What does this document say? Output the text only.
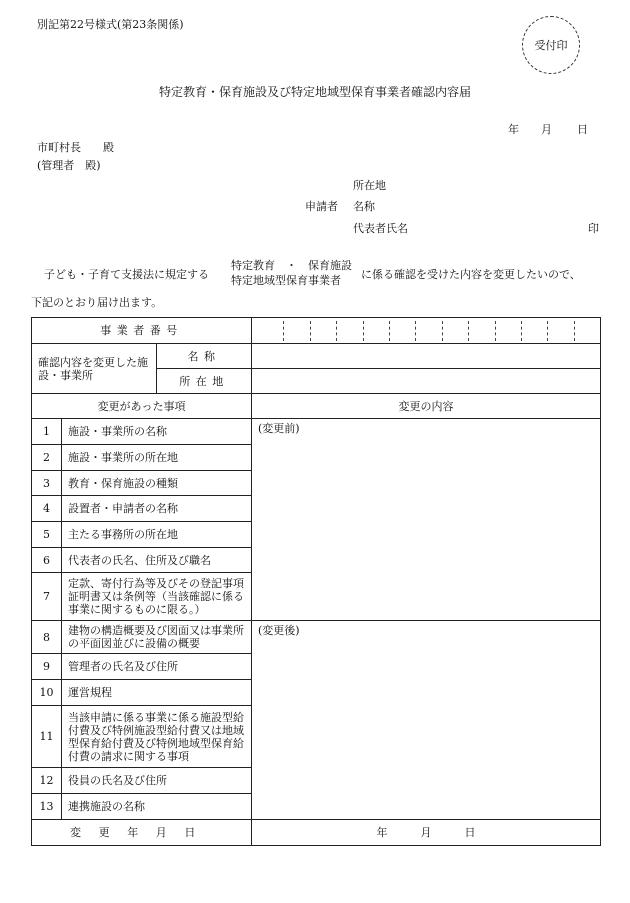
別記第22号様式(第23条関係)
受付印
特定教育・保育施設及び特定地域型保育事業者確認内容届
年 月 日
市町村長　　殿
(管理者　殿)
所在地
申請者 名称
代表者氏名	印
子ども・子育て支援法に規定する
特定教育　・　保育施設
特定地域型保育事業者	に係る確認を受けた内容を変更したいので、
下記のとおり届け出ます。
事業者番号			

確認内容を変更した施設・事業所		名称	
		所在地	
変更があった事項			変更の内容
1	施設・事業所の名称		(変更前)
2	施設・事業所の所在地		
3	教育・保育施設の種類		
4	設置者・申請者の名称		
5	主たる事務所の所在地		
6	代表者の氏名、住所及び職名		
7	定款、寄付行為等及びその登記事項証明書又は条例等（当該確認に係る事業に関するものに限る。）		
8	建物の構造概要及び図面又は事業所の平面図並びに設備の概要		(変更後)
9	管理者の氏名及び住所		
10	運営規程		
11	当該申請に係る事業に係る施設型給付費及び特例施設型給付費又は地域型保育給付費及び特例地域型保育給付費の請求に関する事項		
12	役員の氏名及び住所		
13	連携施設の名称		
変更年月日			年　　　月　　　日
